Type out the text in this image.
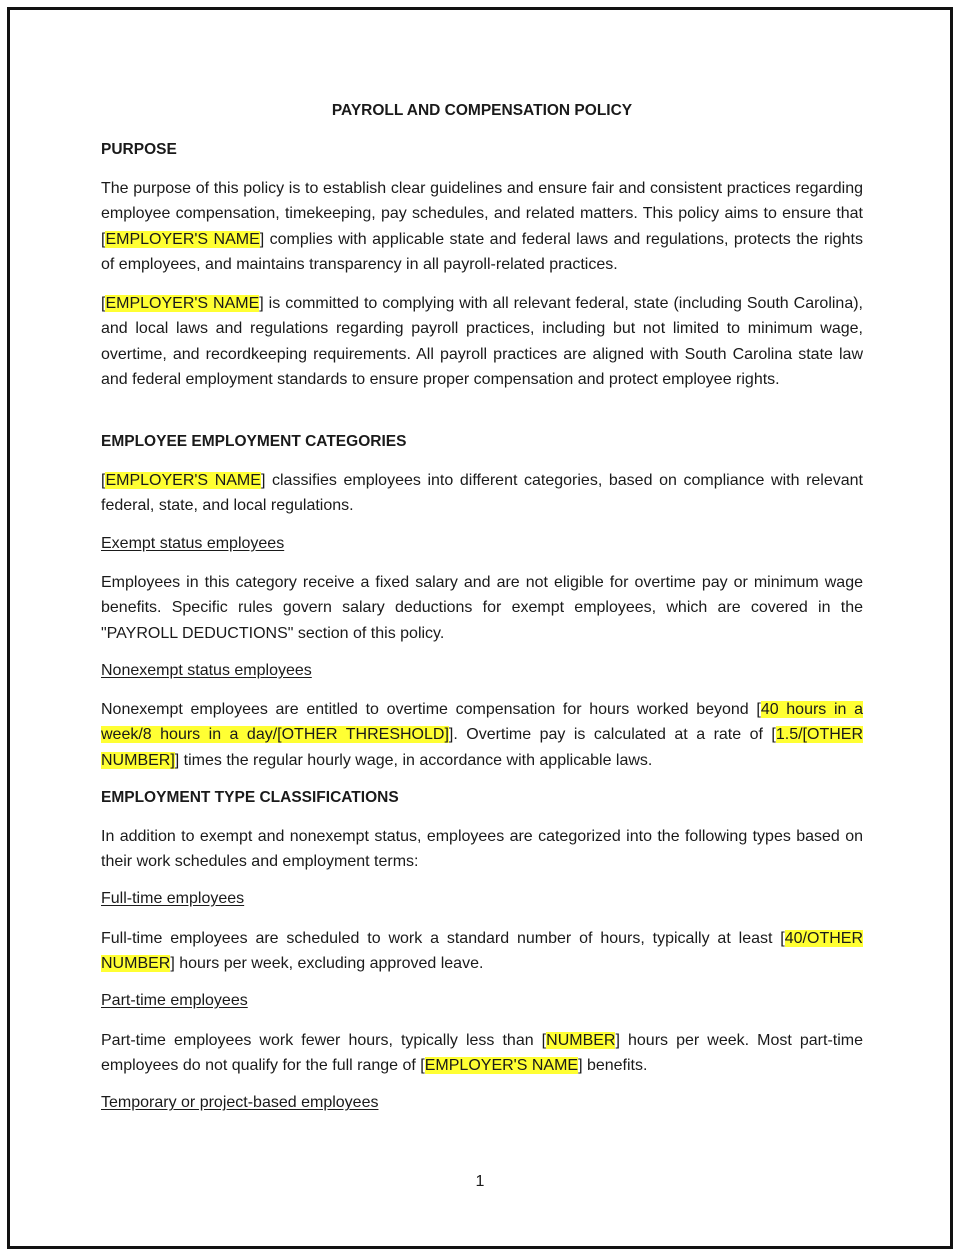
PAYROLL AND COMPENSATION POLICY
PURPOSE
The purpose of this policy is to establish clear guidelines and ensure fair and consistent practices regarding employee compensation, timekeeping, pay schedules, and related matters. This policy aims to ensure that [EMPLOYER'S NAME] complies with applicable state and federal laws and regulations, protects the rights of employees, and maintains transparency in all payroll-related practices.
[EMPLOYER'S NAME] is committed to complying with all relevant federal, state (including South Carolina), and local laws and regulations regarding payroll practices, including but not limited to minimum wage, overtime, and recordkeeping requirements. All payroll practices are aligned with South Carolina state law and federal employment standards to ensure proper compensation and protect employee rights.
EMPLOYEE EMPLOYMENT CATEGORIES
[EMPLOYER'S NAME] classifies employees into different categories, based on compliance with relevant federal, state, and local regulations.
Exempt status employees
Employees in this category receive a fixed salary and are not eligible for overtime pay or minimum wage benefits. Specific rules govern salary deductions for exempt employees, which are covered in the "PAYROLL DEDUCTIONS" section of this policy.
Nonexempt status employees
Nonexempt employees are entitled to overtime compensation for hours worked beyond [40 hours in a week/8 hours in a day/[OTHER THRESHOLD]]. Overtime pay is calculated at a rate of [1.5/[OTHER NUMBER]] times the regular hourly wage, in accordance with applicable laws.
EMPLOYMENT TYPE CLASSIFICATIONS
In addition to exempt and nonexempt status, employees are categorized into the following types based on their work schedules and employment terms:
Full-time employees
Full-time employees are scheduled to work a standard number of hours, typically at least [40/OTHER NUMBER] hours per week, excluding approved leave.
Part-time employees
Part-time employees work fewer hours, typically less than [NUMBER] hours per week. Most part-time employees do not qualify for the full range of [EMPLOYER'S NAME] benefits.
Temporary or project-based employees
1
